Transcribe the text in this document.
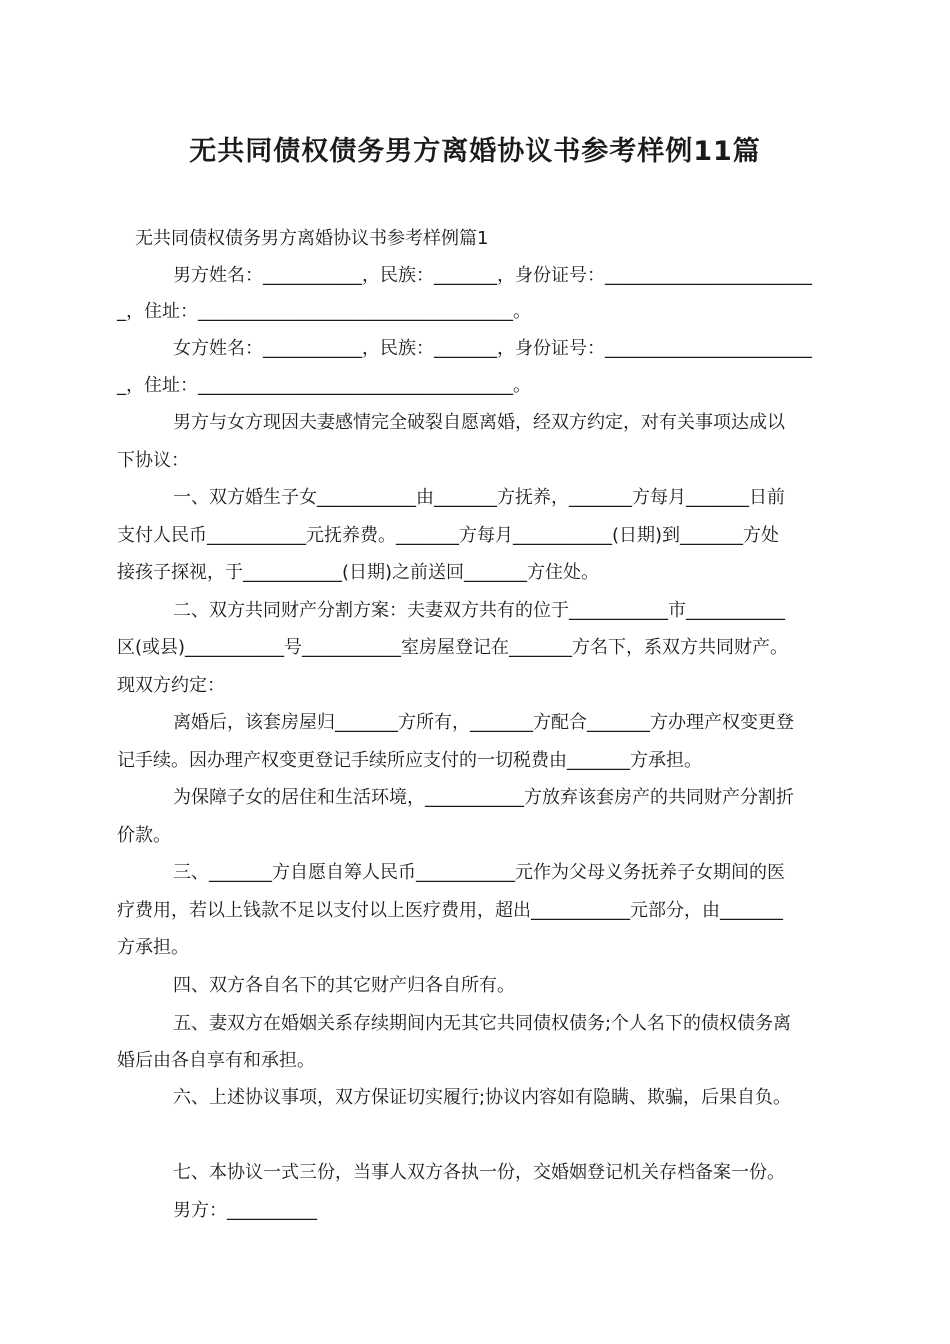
无共同债权债务男方离婚协议书参考样例11篇
无共同债权债务男方离婚协议书参考样例篇1
男方姓名：___________，民族：_______，身份证号：_______________________
_，住址：___________________________________。
女方姓名：___________，民族：_______，身份证号：_______________________
_，住址：___________________________________。
男方与女方现因夫妻感情完全破裂自愿离婚，经双方约定，对有关事项达成以
下协议：
一、双方婚生子女___________由_______方抚养，_______方每月_______日前
支付人民币___________元抚养费。_______方每月___________(日期)到_______方处
接孩子探视，于___________(日期)之前送回_______方住处。
二、双方共同财产分割方案：夫妻双方共有的位于___________市___________
区(或县)___________号___________室房屋登记在_______方名下，系双方共同财产。
现双方约定：
离婚后，该套房屋归_______方所有，_______方配合_______方办理产权变更登
记手续。因办理产权变更登记手续所应支付的一切税费由_______方承担。
为保障子女的居住和生活环境，___________方放弃该套房产的共同财产分割折
价款。
三、_______方自愿自筹人民币___________元作为父母义务抚养子女期间的医
疗费用，若以上钱款不足以支付以上医疗费用，超出___________元部分，由_______
方承担。
四、双方各自名下的其它财产归各自所有。
五、妻双方在婚姻关系存续期间内无其它共同债权债务;个人名下的债权债务离
婚后由各自享有和承担。
六、上述协议事项，双方保证切实履行;协议内容如有隐瞒、欺骗，后果自负。
七、本协议一式三份，当事人双方各执一份，交婚姻登记机关存档备案一份。
男方：__________
